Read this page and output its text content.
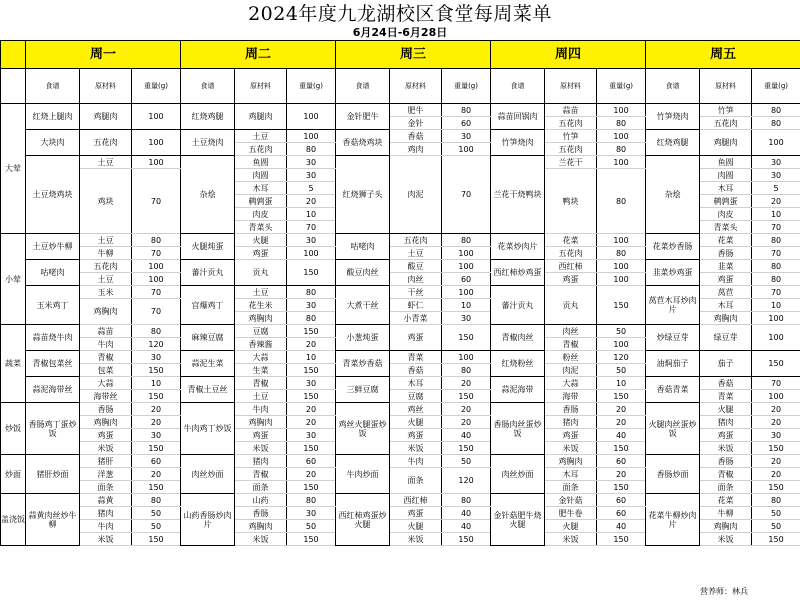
2024年度九龙湖校区食堂每周菜单
6月24日-6月28日
	周一			周二			周三			周四			周五		
	食谱	原材料	重量(g)	食谱	原材料	重量(g)	食谱	原材料	重量(g)	食谱	原材料	重量(g)	食谱	原材料	重量(g)
大荤	红烧上腿肉	鸡腿肉	100	红烧鸡腿	鸡腿肉	100	金针肥牛	肥牛	80	蒜苗回锅肉	蒜苗	100	竹笋烧肉	竹笋	80
								金针	60		五花肉	80		五花肉	80
	大块肉	五花肉	100	土豆烧肉	土豆	100	香菇烧鸡块	香菇	30	竹笋烧肉	竹笋	100	红烧鸡腿	鸡腿肉	100
					五花肉	80		鸡肉	100		五花肉	80			
	土豆烧鸡块	土豆	100	杂烩	鱼圆	30	红烧狮子头	肉泥	70	兰花干烧鸭块	兰花干	100	杂烩	鱼圆	30
		鸡块	70		肉圆	30					鸭块	80		肉圆	30
					木耳	5								木耳	5
					鹌鹑蛋	20								鹌鹑蛋	20
					肉皮	10								肉皮	10
					青菜头	70								青菜头	70
小荤	土豆炒牛柳	土豆	80	火腿炖蛋	火腿	30	咕咾肉	五花肉	80	花菜炒肉片	花菜	100	花菜炒香肠	花菜	80
		牛柳	70		鸡蛋	100		土豆	100		五花肉	80		香肠	70
	咕咾肉	五花肉	100	蕃汁贡丸	贡丸	150	酸豆肉丝	酸豆	100	西红柿炒鸡蛋	西红柿	100	韭菜炒鸡蛋	韭菜	80
		土豆	100					肉丝	60		鸡蛋	100		鸡蛋	80
	玉米鸡丁	玉米	70	宫爆鸡丁	土豆	80	大煮干丝	干丝	100	蕃汁贡丸	贡丸	150	莴苣木耳炒肉片	莴苣	70
		鸡胸肉	70		花生米	30		虾仁	10					木耳	10
					鸡胸肉	80		小青菜	30					鸡胸肉	100
蔬菜	蒜苗烧牛肉	蒜苗	80	麻辣豆腐	豆腐	150	小葱炖蛋	鸡蛋	150	青椒肉丝	肉丝	50	炒绿豆芽	绿豆芽	100
		牛肉	120		香辣酱	20					青椒	100			
	青椒包菜丝	青椒	30	蒜泥生菜	大蒜	10	青菜炒香菇	青菜	100	红烧粉丝	粉丝	120	油焖茄子	茄子	150
		包菜	150		生菜	150		香菇	80		肉泥	50			
	蒜泥海带丝	大蒜	10	青椒土豆丝	青椒	30	三鲜豆腐	木耳	20	蒜泥海带	大蒜	10	香菇青菜	香菇	70
		海带丝	150		土豆	150		豆腐	150		海带	150		青菜	100
炒饭	香肠鸡丁蛋炒饭	香肠	20	牛肉鸡丁炒饭	牛肉	20	鸡丝火腿蛋炒饭	鸡丝	20	香肠肉丝蛋炒饭	香肠	20	火腿肉丝蛋炒饭	火腿	20
		鸡胸肉	20		鸡胸肉	20		火腿	20		猪肉	20		猪肉	20
		鸡蛋	30		鸡蛋	30		鸡蛋	40		鸡蛋	40		鸡蛋	30
		米饭	150		米饭	150		米饭	150		米饭	150		米饭	150
炒面	猪肝炒面	猪肝	60	肉丝炒面	猪肉	60	牛肉炒面	牛肉	50	肉丝炒面	鸡胸肉	60	香肠炒面	香肠	20
		洋葱	20		青椒	20		面条	120		木耳	20		青椒	20
		面条	150		面条	150					面条	150		面条	150
盖浇饭	蒜黄肉丝炒牛柳	蒜黄	80	山药香肠炒肉片	山药	80	西红柿鸡蛋炒火腿	西红柿	80	金针菇肥牛烧火腿	金针菇	60	花菜牛柳炒肉片	花菜	80
		猪肉	50		香肠	30		鸡蛋	40		肥牛卷	60		牛柳	50
		牛肉	50		鸡胸肉	50		火腿	40		火腿	40		鸡胸肉	50
		米饭	150		米饭	150		米饭	150		米饭	150		米饭	150
营养师：林兵
